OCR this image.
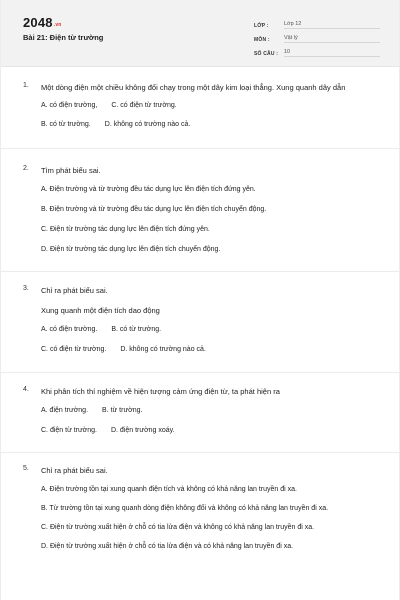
2048.vn
Bài 21: Điện từ trường
LỚP :	Lớp 12
MÔN :	Vật lý
SỐ CÂU :	10
1. Một dòng điện một chiều không đổi chạy trong một dây kim loại thẳng. Xung quanh dây dẫn
A. có điện trường, C. có điện từ trường.
B. có từ trường. D. không có trường nào cả.
2. Tìm phát biểu sai.
A. Điện trường và từ trường đều tác dụng lực lên điện tích đứng yên.
B. Điện trường và từ trường đều tác dụng lực lên điện tích chuyển động.
C. Điện từ trường tác dụng lực lên điện tích đứng yên.
D. Điện từ trường tác dụng lực lên điện tích chuyển động.
3. Chỉ ra phát biểu sai.
Xung quanh một điện tích dao động
A. có điện trường. B. có từ trường.
C. có điện từ trường. D. không có trường nào cả.
4. Khi phân tích thí nghiệm về hiện tượng cảm ứng điện từ, ta phát hiện ra
A. điện trường. B. từ trường.
C. điện từ trường. D. điện trường xoáy.
5. Chỉ ra phát biểu sai.
A. Điện trường tồn tại xung quanh điện tích và không có khả năng lan truyền đi xa.
B. Từ trường tồn tại xung quanh dòng điện không đổi và không có khả năng lan truyền đi xa.
C. Điện từ trường xuất hiện ở chỗ có tia lửa điện và không có khả năng lan truyền đi xa.
D. Điện từ trường xuất hiện ở chỗ có tia lửa điện và có khả năng lan truyền đi xa.
